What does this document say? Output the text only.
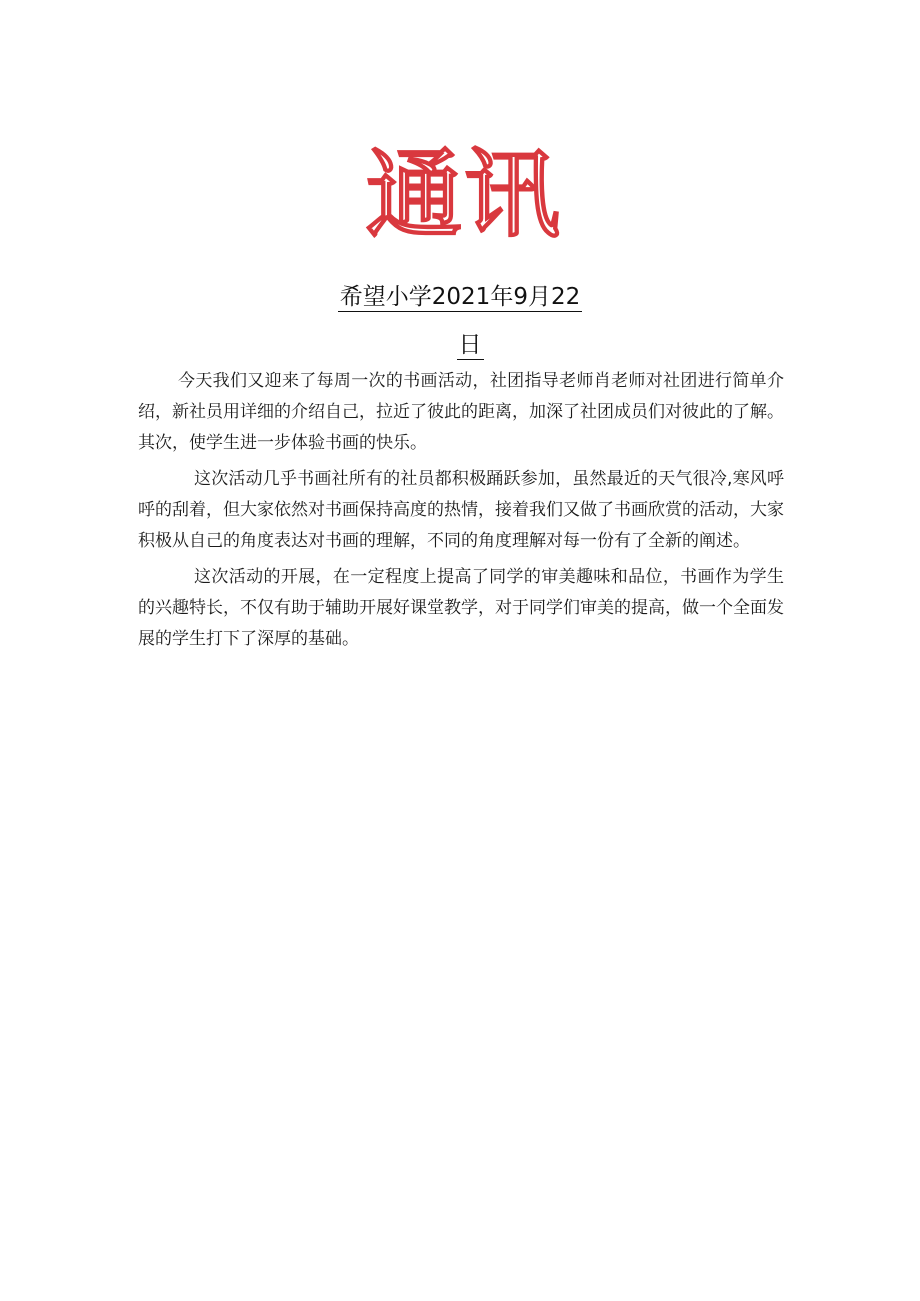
通讯
希望小学2021年9月22
日

今天我们又迎来了每周一次的书画活动，社团指导老师肖老师对社团进行简单介绍，新社员用详细的介绍自己，拉近了彼此的距离，加深了社团成员们对彼此的了解。其次，使学生进一步体验书画的快乐。

这次活动几乎书画社所有的社员都积极踊跃参加，虽然最近的天气很冷,寒风呼呼的刮着，但大家依然对书画保持高度的热情，接着我们又做了书画欣赏的活动，大家积极从自己的角度表达对书画的理解，不同的角度理解对每一份有了全新的阐述。

这次活动的开展，在一定程度上提高了同学的审美趣味和品位，书画作为学生的兴趣特长，不仅有助于辅助开展好课堂教学，对于同学们审美的提高，做一个全面发展的学生打下了深厚的基础。
